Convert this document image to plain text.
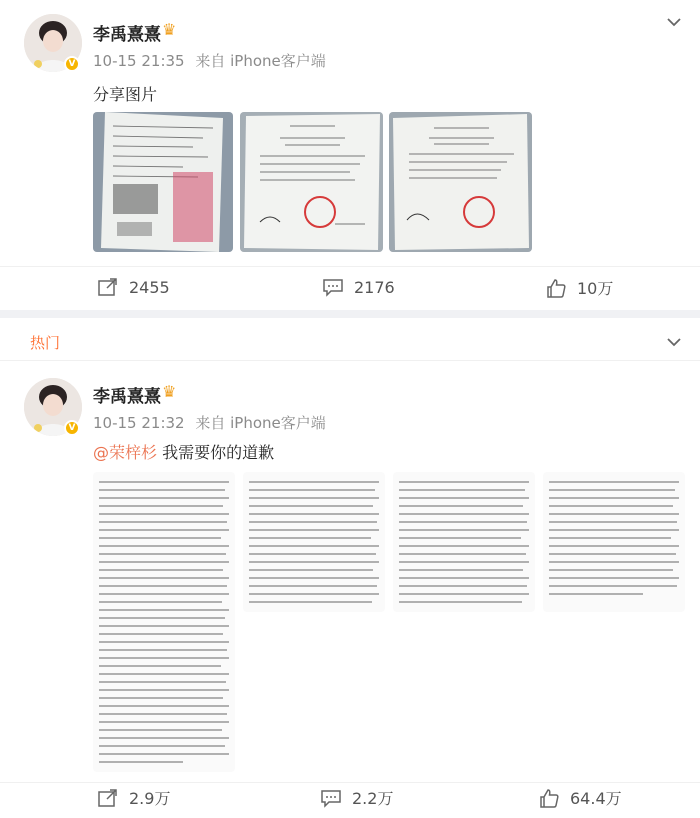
V
李禹熹熹 ♛
10-15 21:35 来自 iPhone客户端
分享图片
2455	2176	10万
热门
V
李禹熹熹 ♛
10-15 21:32 来自 iPhone客户端
@荣梓杉 我需要你的道歉
2.9万	2.2万	64.4万
